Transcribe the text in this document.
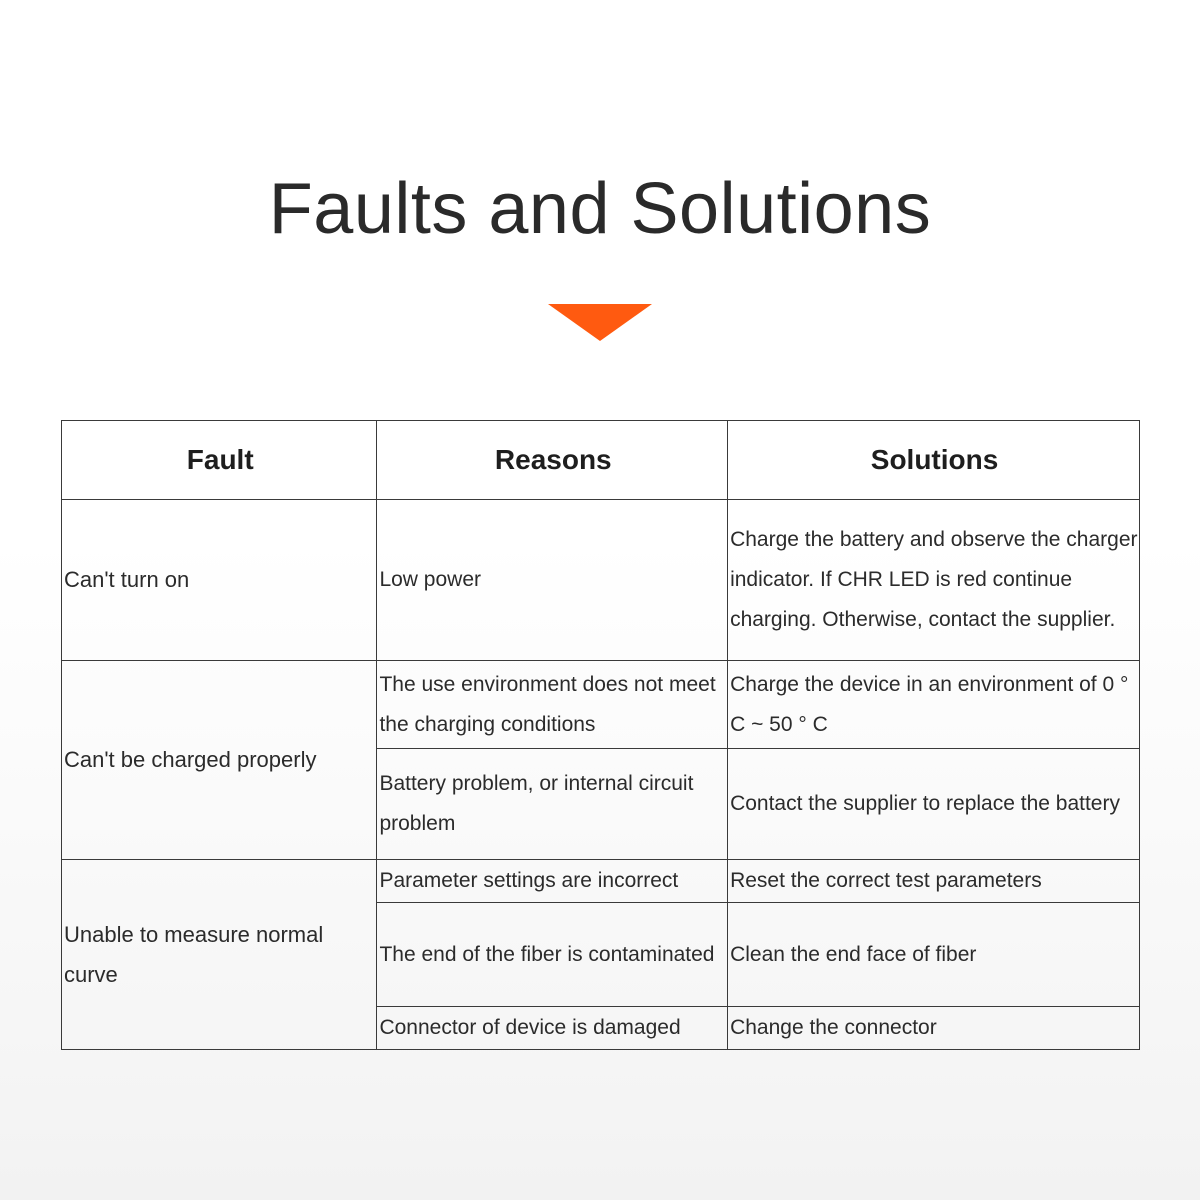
Faults and Solutions
Fault	Reasons	Solutions
Can't turn on	Low power	Charge the battery and observe the charger indicator. If CHR LED is red continue charging. Otherwise, contact the supplier.
Can't be charged properly	The use environment does not meet the charging conditions	Charge the device in an environment of 0 ° C ~ 50 ° C
	Battery problem, or internal circuit problem	Contact the supplier to replace the battery
Unable to measure normal curve	Parameter settings are incorrect	Reset the correct test parameters
	The end of the fiber is contaminated	Clean the end face of fiber
	Connector of device is damaged	Change the connector
